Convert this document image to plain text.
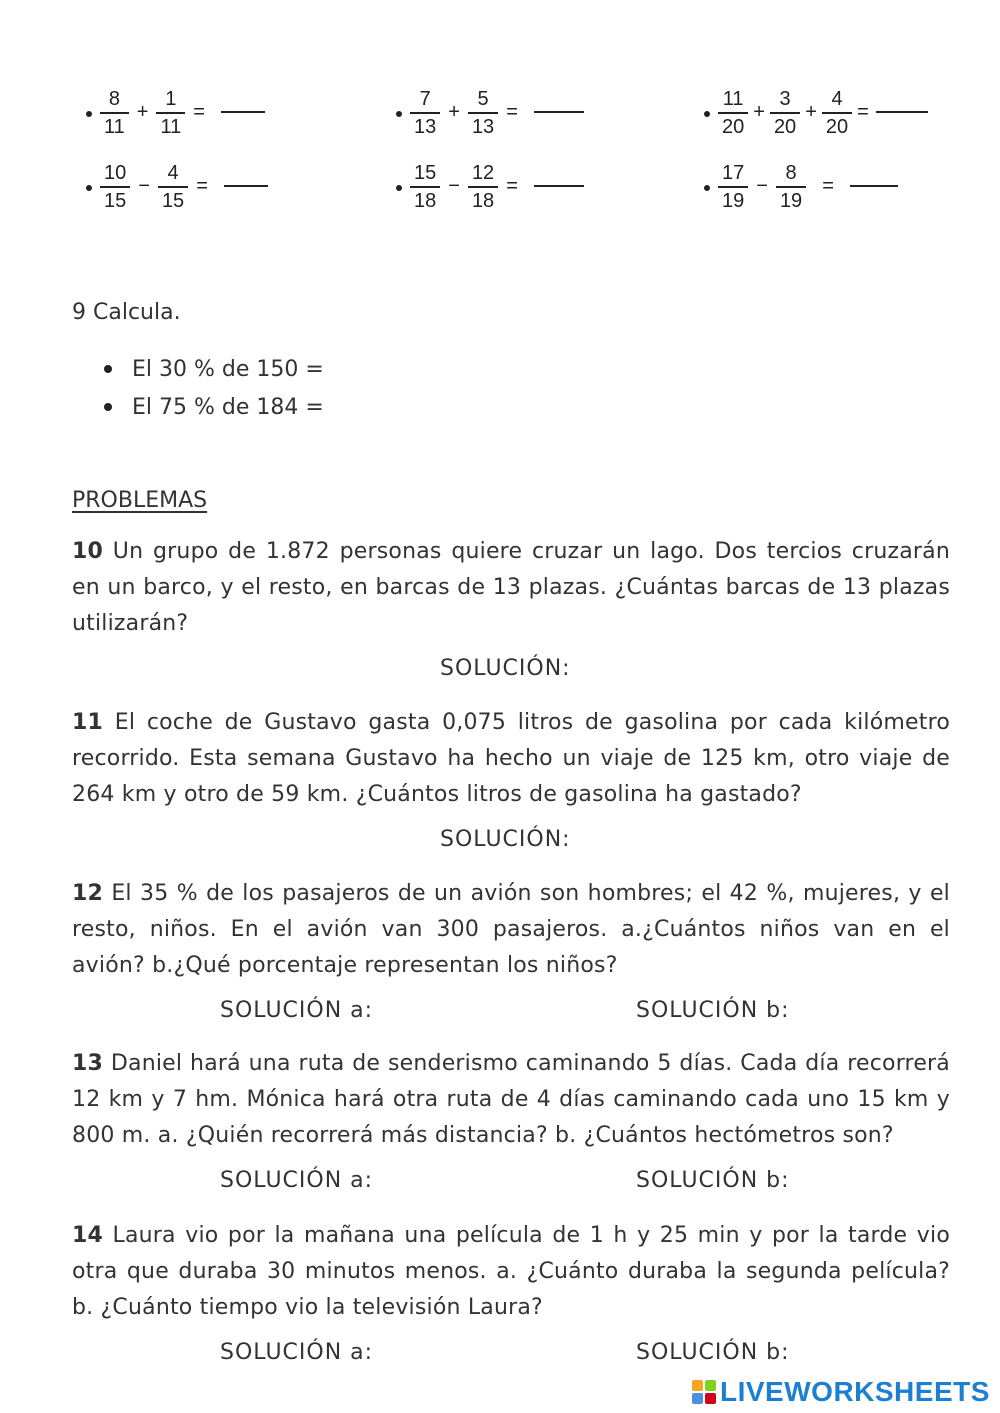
$\frac{8}{11} + \frac{1}{11}$ =	$\frac{7}{13} + \frac{5}{13}$ =	$\frac{11}{20} + \frac{3}{20} + \frac{4}{20}$ =
$\frac{10}{15} - \frac{4}{15}$ =	$\frac{15}{18} - \frac{12}{18}$ =	$\frac{17}{19} - \frac{8}{19}$ =
9 Calcula.
El 30 % de 150 =
El 75 % de 184 =
PROBLEMAS
10 Un grupo de 1.872 personas quiere cruzar un lago. Dos tercios cruzarán en un barco, y el resto, en barcas de 13 plazas. ¿Cuántas barcas de 13 plazas utilizarán?
SOLUCIÓN:
11 El coche de Gustavo gasta 0,075 litros de gasolina por cada kilómetro recorrido. Esta semana Gustavo ha hecho un viaje de 125 km, otro viaje de 264 km y otro de 59 km. ¿Cuántos litros de gasolina ha gastado?
SOLUCIÓN:
12 El 35 % de los pasajeros de un avión son hombres; el 42 %, mujeres, y el resto, niños. En el avión van 300 pasajeros. a.¿Cuántos niños van en el avión? b.¿Qué porcentaje representan los niños?
SOLUCIÓN a:	SOLUCIÓN b:
13 Daniel hará una ruta de senderismo caminando 5 días. Cada día recorrerá 12 km y 7 hm. Mónica hará otra ruta de 4 días caminando cada uno 15 km y 800 m. a. ¿Quién recorrerá más distancia? b. ¿Cuántos hectómetros son?
SOLUCIÓN a:	SOLUCIÓN b:
14 Laura vio por la mañana una película de 1 h y 25 min y por la tarde vio otra que duraba 30 minutos menos. a. ¿Cuánto duraba la segunda película? b. ¿Cuánto tiempo vio la televisión Laura?
SOLUCIÓN a:	SOLUCIÓN b:
LIVEWORKSHEETS
